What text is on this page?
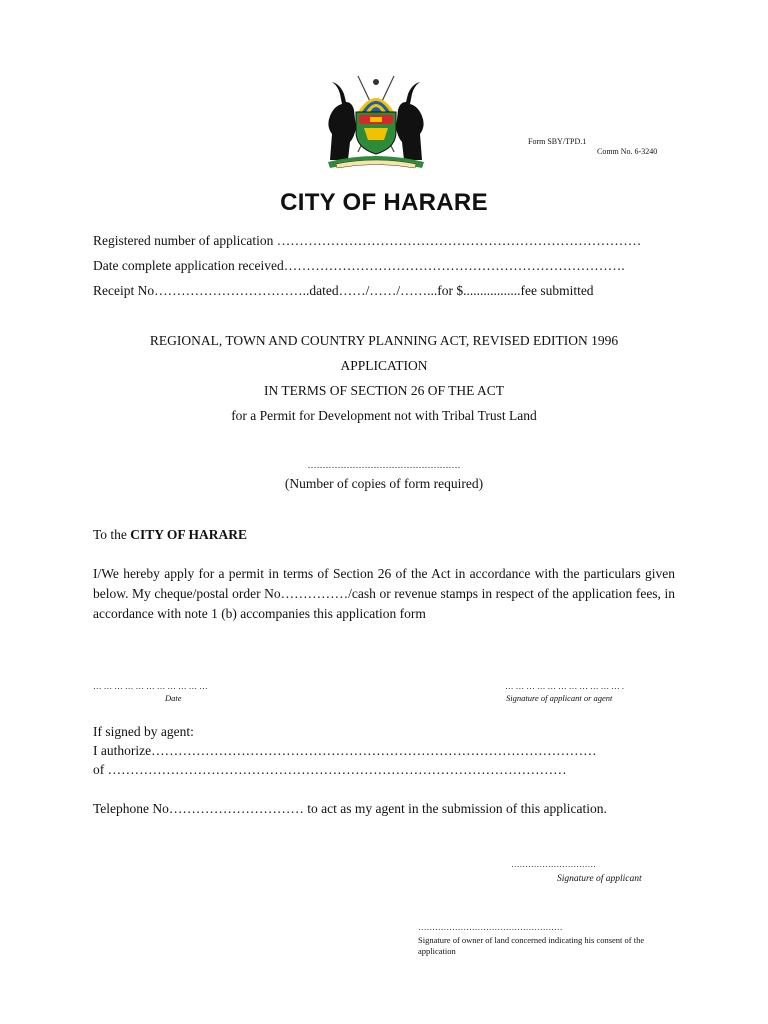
Form SBY/TPD.1
Comm No. 6-3240
CITY OF HARARE
Registered number of application ………………………………………………………………………
Date complete application received………………………………………………………………….
Receipt No……………………………..dated……/……/……...for $.................fee submitted
REGIONAL, TOWN AND COUNTRY PLANNING ACT, REVISED EDITION 1996
APPLICATION
IN TERMS OF SECTION 26 OF THE ACT
for a Permit for Development not with Tribal Trust Land
……………………………………………
(Number of copies of form required)
To the CITY OF HARARE
I/We hereby apply for a permit in terms of Section 26 of the Act in accordance with the particulars given below. My cheque/postal order No……………/cash or revenue stamps in respect of the application fees, in accordance with note 1 (b) accompanies this application form
… … … … … … … … … … …
Date
… … … … … … … … … … … .
Signature of applicant or agent
If signed by agent:
I authorize………………………………………………………………………………………
of …………………………………………………………………………………………
Telephone No………………………… to act as my agent in the submission of this application.
…………………………
Signature of applicant
……………………………………………
Signature of owner of land concerned indicating his consent of the application
